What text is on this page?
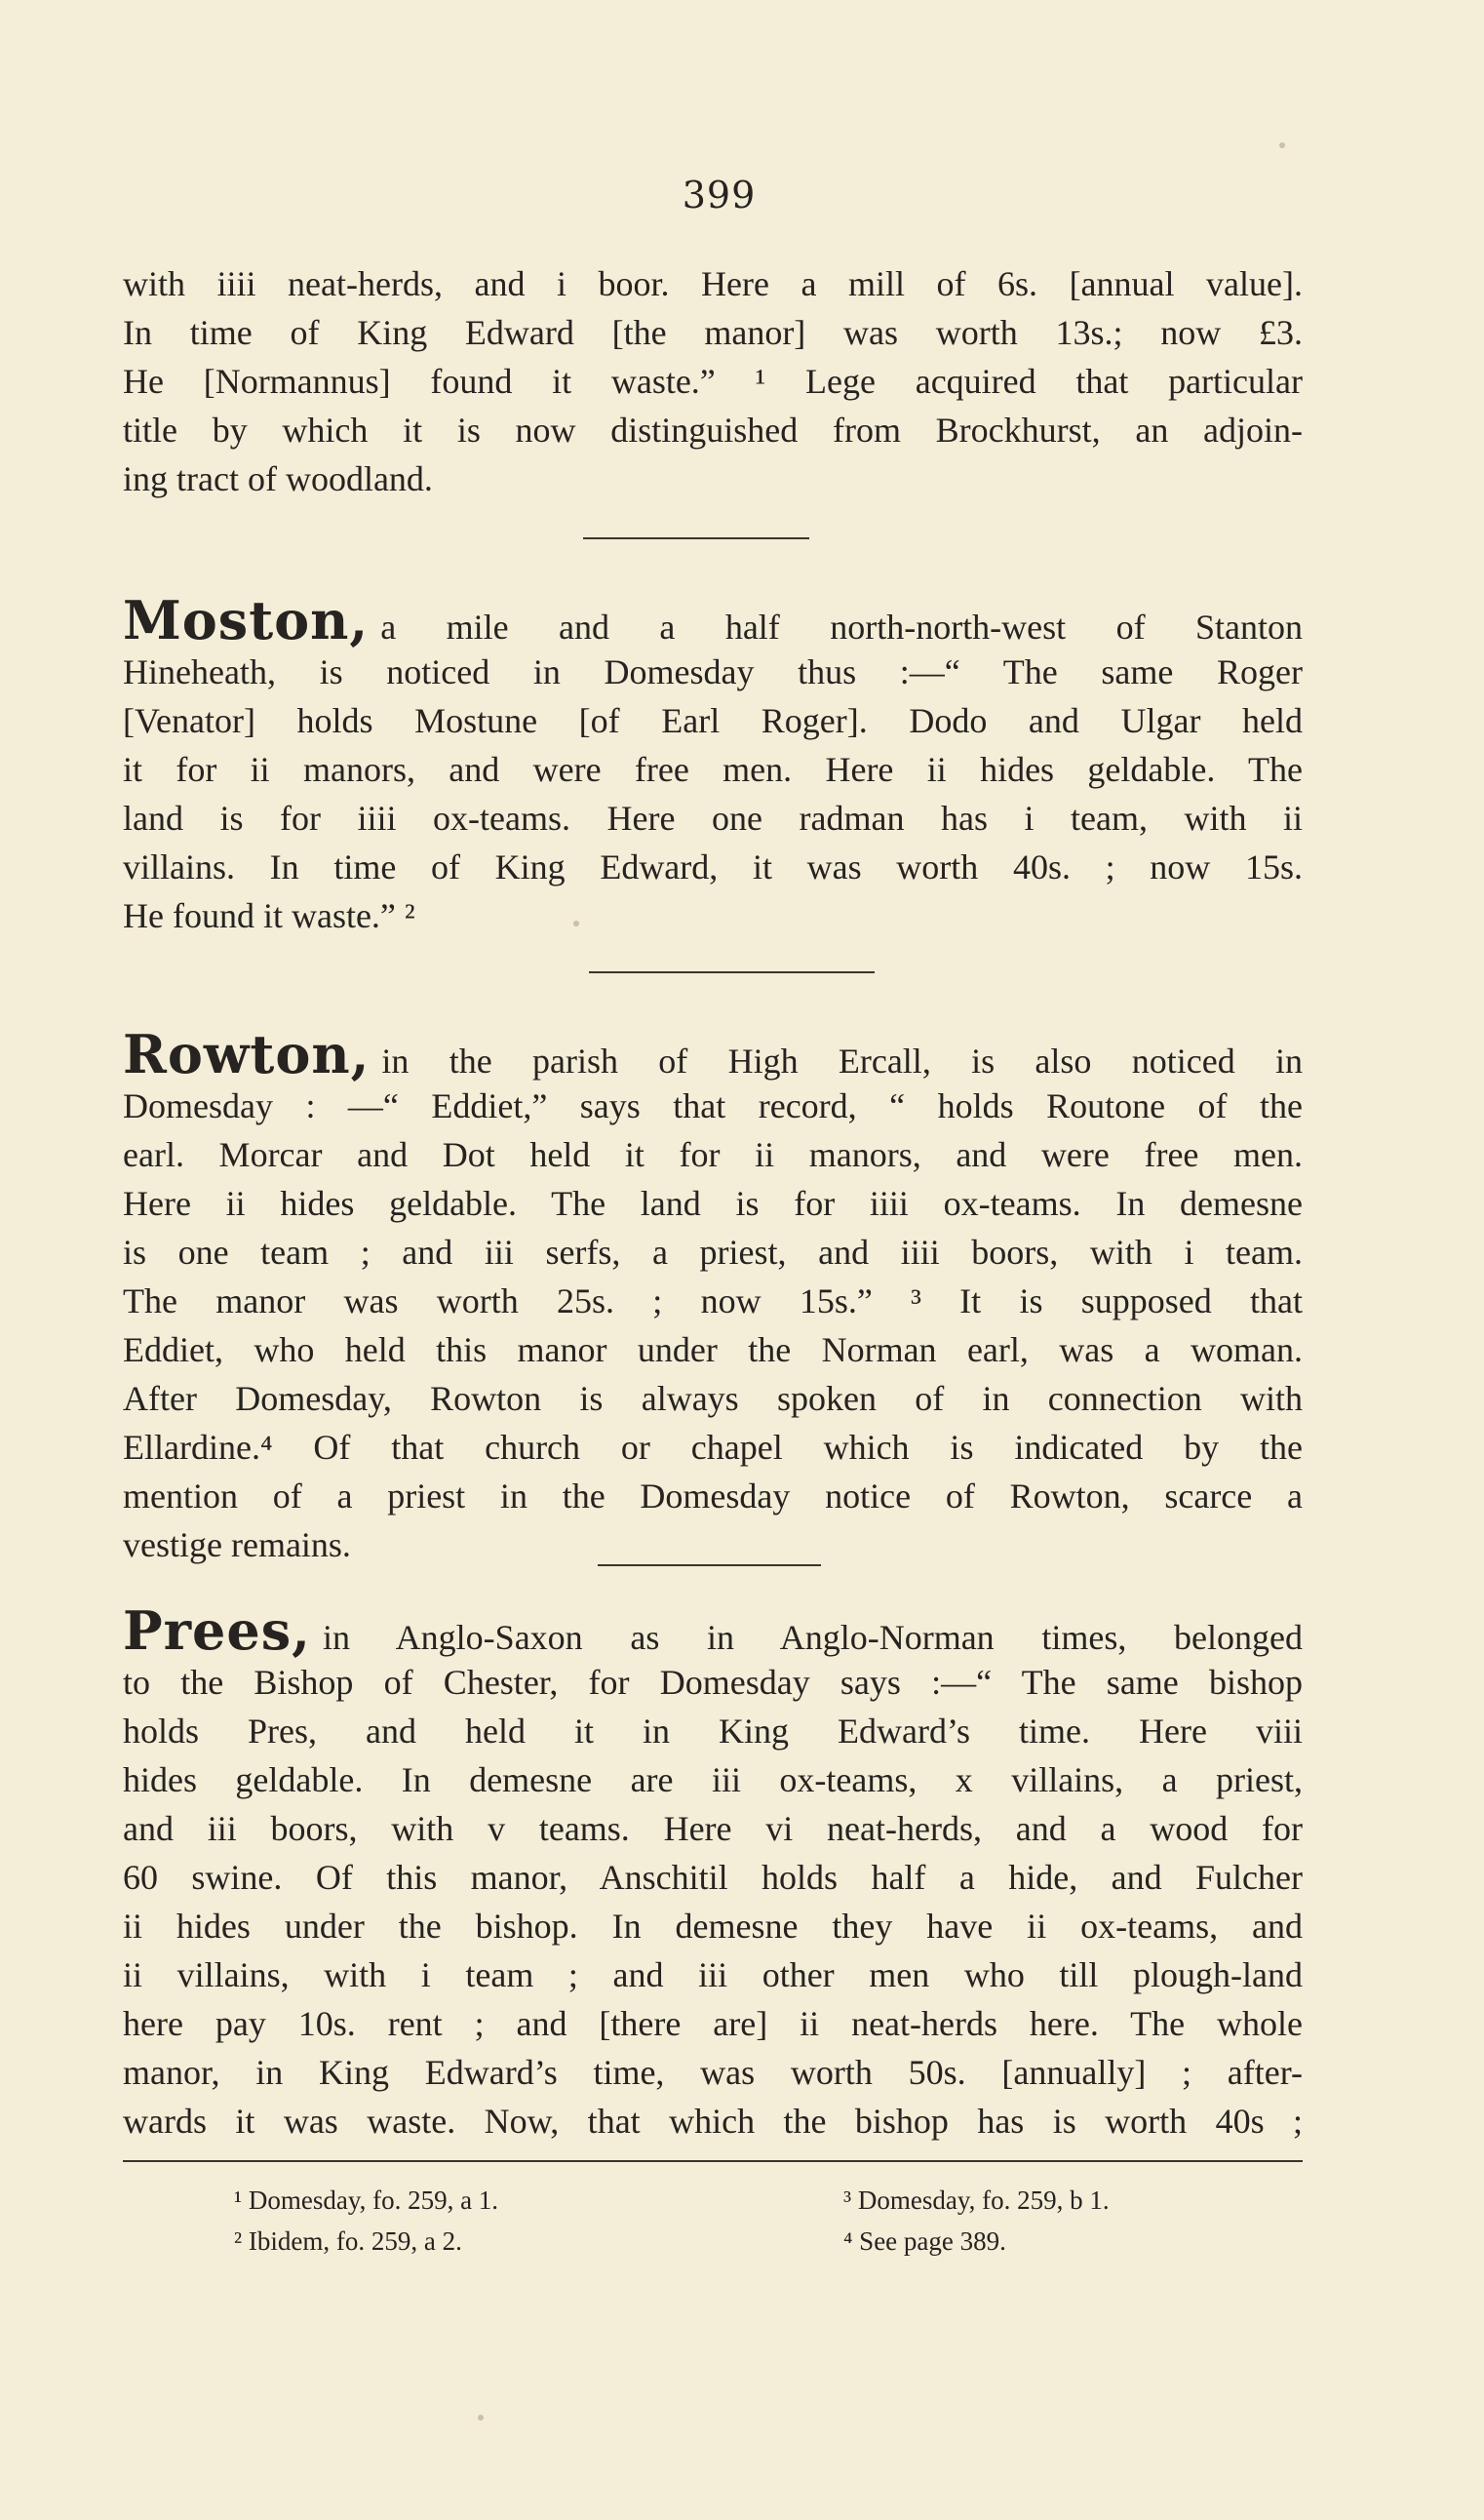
399
with iiii neat-herds, and i boor. Here a mill of 6s. [annual value].
In time of King Edward [the manor] was worth 13s.; now £3.
He [Normannus] found it waste.” ¹ Lege acquired that particular
title by which it is now distinguished from Brockhurst, an adjoin-
ing tract of woodland.
Moston, a mile and a half north-north-west of Stanton
Hineheath, is noticed in Domesday thus :—“ The same Roger
[Venator] holds Mostune [of Earl Roger]. Dodo and Ulgar held
it for ii manors, and were free men. Here ii hides geldable. The
land is for iiii ox-teams. Here one radman has i team, with ii
villains. In time of King Edward, it was worth 40s. ; now 15s.
He found it waste.” ²
Rowton, in the parish of High Ercall, is also noticed in
Domesday : —“ Eddiet,” says that record, “ holds Routone of the
earl. Morcar and Dot held it for ii manors, and were free men.
Here ii hides geldable. The land is for iiii ox-teams. In demesne
is one team ; and iii serfs, a priest, and iiii boors, with i team.
The manor was worth 25s. ; now 15s.” ³ It is supposed that
Eddiet, who held this manor under the Norman earl, was a woman.
After Domesday, Rowton is always spoken of in connection with
Ellardine.⁴ Of that church or chapel which is indicated by the
mention of a priest in the Domesday notice of Rowton, scarce a
vestige remains.
Prees, in Anglo-Saxon as in Anglo-Norman times, belonged
to the Bishop of Chester, for Domesday says :—“ The same bishop
holds Pres, and held it in King Edward’s time. Here viii
hides geldable. In demesne are iii ox-teams, x villains, a priest,
and iii boors, with v teams. Here vi neat-herds, and a wood for
60 swine. Of this manor, Anschitil holds half a hide, and Fulcher
ii hides under the bishop. In demesne they have ii ox-teams, and
ii villains, with i team ; and iii other men who till plough-land
here pay 10s. rent ; and [there are] ii neat-herds here. The whole
manor, in King Edward’s time, was worth 50s. [annually] ; after-
wards it was waste. Now, that which the bishop has is worth 40s ;
¹ Domesday, fo. 259, a 1.
² Ibidem, fo. 259, a 2.
³ Domesday, fo. 259, b 1.
⁴ See page 389.
